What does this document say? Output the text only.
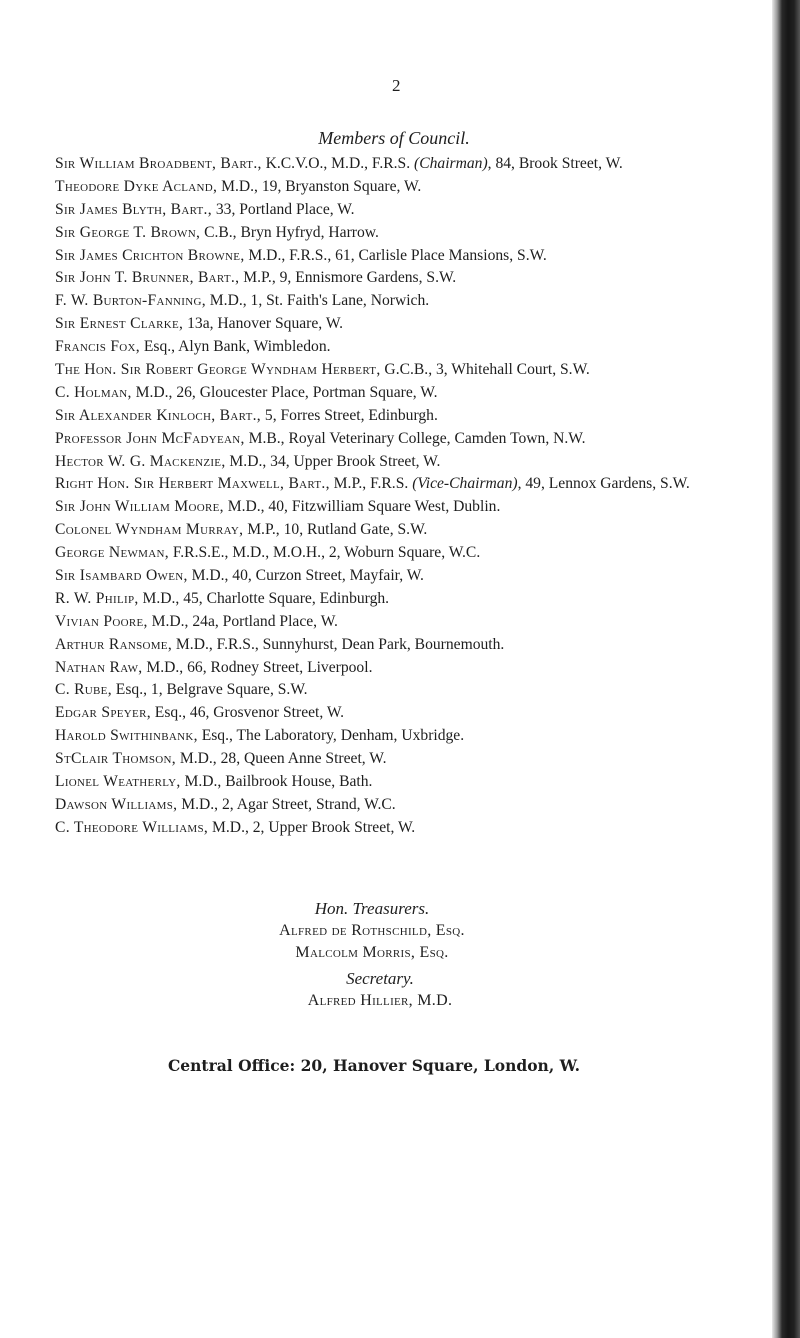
2
Members of Council.
Sir William Broadbent, Bart., K.C.V.O., M.D., F.R.S. (Chairman), 84, Brook Street, W.
Theodore Dyke Acland, M.D., 19, Bryanston Square, W.
Sir James Blyth, Bart., 33, Portland Place, W.
Sir George T. Brown, C.B., Bryn Hyfryd, Harrow.
Sir James Crichton Browne, M.D., F.R.S., 61, Carlisle Place Mansions, S.W.
Sir John T. Brunner, Bart., M.P., 9, Ennismore Gardens, S.W.
F. W. Burton-Fanning, M.D., 1, St. Faith's Lane, Norwich.
Sir Ernest Clarke, 13a, Hanover Square, W.
Francis Fox, Esq., Alyn Bank, Wimbledon.
The Hon. Sir Robert George Wyndham Herbert, G.C.B., 3, Whitehall Court, S.W.
C. Holman, M.D., 26, Gloucester Place, Portman Square, W.
Sir Alexander Kinloch, Bart., 5, Forres Street, Edinburgh.
Professor John McFadyean, M.B., Royal Veterinary College, Camden Town, N.W.
Hector W. G. Mackenzie, M.D., 34, Upper Brook Street, W.
Right Hon. Sir Herbert Maxwell, Bart., M.P., F.R.S. (Vice-Chairman), 49, Lennox Gardens, S.W.
Sir John William Moore, M.D., 40, Fitzwilliam Square West, Dublin.
Colonel Wyndham Murray, M.P., 10, Rutland Gate, S.W.
George Newman, F.R.S.E., M.D., M.O.H., 2, Woburn Square, W.C.
Sir Isambard Owen, M.D., 40, Curzon Street, Mayfair, W.
R. W. Philip, M.D., 45, Charlotte Square, Edinburgh.
Vivian Poore, M.D., 24a, Portland Place, W.
Arthur Ransome, M.D., F.R.S., Sunnyhurst, Dean Park, Bournemouth.
Nathan Raw, M.D., 66, Rodney Street, Liverpool.
C. Rube, Esq., 1, Belgrave Square, S.W.
Edgar Speyer, Esq., 46, Grosvenor Street, W.
Harold Swithinbank, Esq., The Laboratory, Denham, Uxbridge.
StClair Thomson, M.D., 28, Queen Anne Street, W.
Lionel Weatherly, M.D., Bailbrook House, Bath.
Dawson Williams, M.D., 2, Agar Street, Strand, W.C.
C. Theodore Williams, M.D., 2, Upper Brook Street, W.
Hon. Treasurers.
Alfred de Rothschild, Esq.
Malcolm Morris, Esq.
Secretary.
Alfred Hillier, M.D.
Central Office: 20, Hanover Square, London, W.
